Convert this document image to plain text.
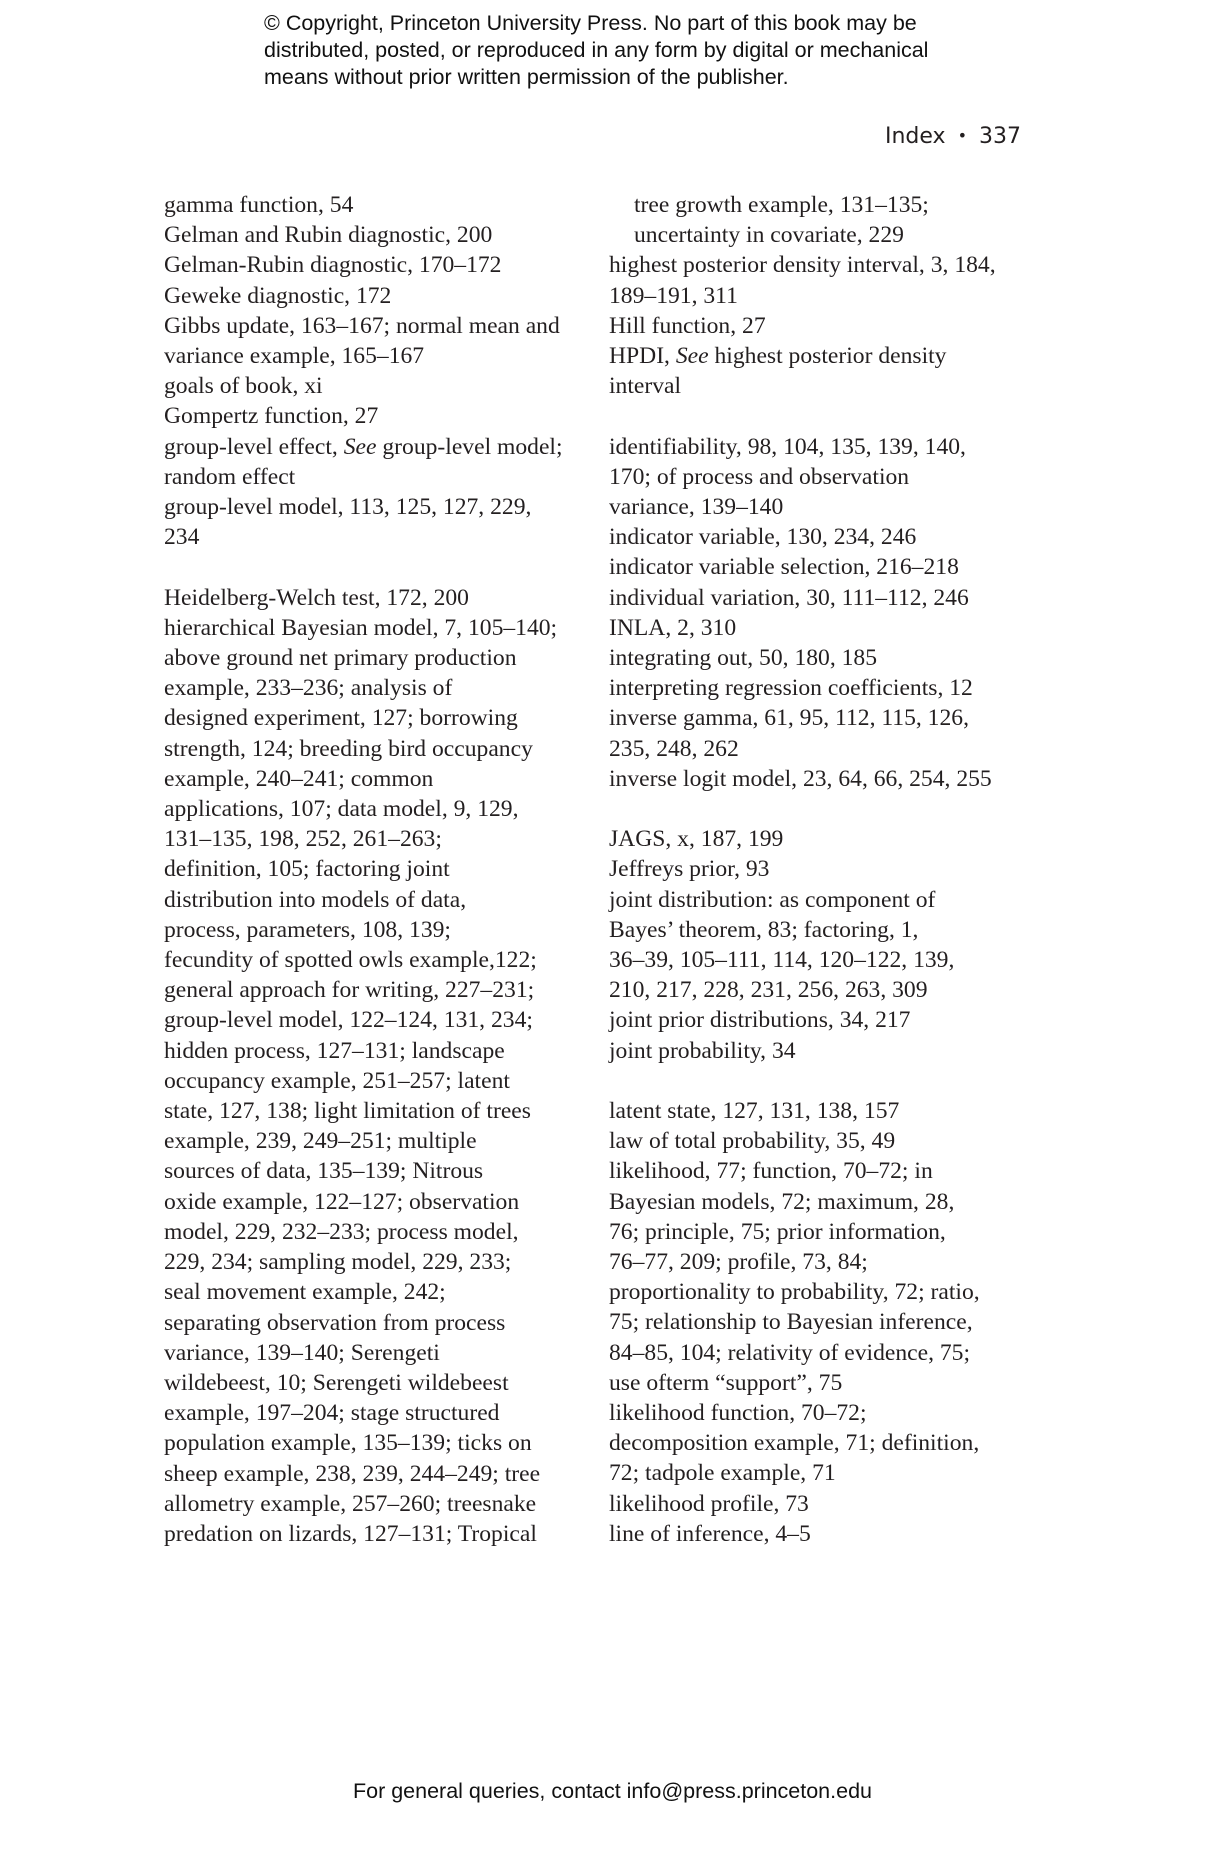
© Copyright, Princeton University Press. No part of this book may be
distributed, posted, or reproduced in any form by digital or mechanical
means without prior written permission of the publisher.
Index • 337
gamma function, 54
Gelman and Rubin diagnostic, 200
Gelman-Rubin diagnostic, 170–172
Geweke diagnostic, 172
Gibbs update, 163–167; normal mean and
variance example, 165–167
goals of book, xi
Gompertz function, 27
group-level effect, See group-level model;
random effect
group-level model, 113, 125, 127, 229,
234
Heidelberg-Welch test, 172, 200
hierarchical Bayesian model, 7, 105–140;
above ground net primary production
example, 233–236; analysis of
designed experiment, 127; borrowing
strength, 124; breeding bird occupancy
example, 240–241; common
applications, 107; data model, 9, 129,
131–135, 198, 252, 261–263;
definition, 105; factoring joint
distribution into models of data,
process, parameters, 108, 139;
fecundity of spotted owls example,122;
general approach for writing, 227–231;
group-level model, 122–124, 131, 234;
hidden process, 127–131; landscape
occupancy example, 251–257; latent
state, 127, 138; light limitation of trees
example, 239, 249–251; multiple
sources of data, 135–139; Nitrous
oxide example, 122–127; observation
model, 229, 232–233; process model,
229, 234; sampling model, 229, 233;
seal movement example, 242;
separating observation from process
variance, 139–140; Serengeti
wildebeest, 10; Serengeti wildebeest
example, 197–204; stage structured
population example, 135–139; ticks on
sheep example, 238, 239, 244–249; tree
allometry example, 257–260; treesnake
predation on lizards, 127–131; Tropical
tree growth example, 131–135;
uncertainty in covariate, 229
highest posterior density interval, 3, 184,
189–191, 311
Hill function, 27
HPDI, See highest posterior density
interval
identifiability, 98, 104, 135, 139, 140,
170; of process and observation
variance, 139–140
indicator variable, 130, 234, 246
indicator variable selection, 216–218
individual variation, 30, 111–112, 246
INLA, 2, 310
integrating out, 50, 180, 185
interpreting regression coefficients, 12
inverse gamma, 61, 95, 112, 115, 126,
235, 248, 262
inverse logit model, 23, 64, 66, 254, 255
JAGS, x, 187, 199
Jeffreys prior, 93
joint distribution: as component of
Bayes’ theorem, 83; factoring, 1,
36–39, 105–111, 114, 120–122, 139,
210, 217, 228, 231, 256, 263, 309
joint prior distributions, 34, 217
joint probability, 34
latent state, 127, 131, 138, 157
law of total probability, 35, 49
likelihood, 77; function, 70–72; in
Bayesian models, 72; maximum, 28,
76; principle, 75; prior information,
76–77, 209; profile, 73, 84;
proportionality to probability, 72; ratio,
75; relationship to Bayesian inference,
84–85, 104; relativity of evidence, 75;
use ofterm “support”, 75
likelihood function, 70–72;
decomposition example, 71; definition,
72; tadpole example, 71
likelihood profile, 73
line of inference, 4–5
For general queries, contact info@press.princeton.edu
